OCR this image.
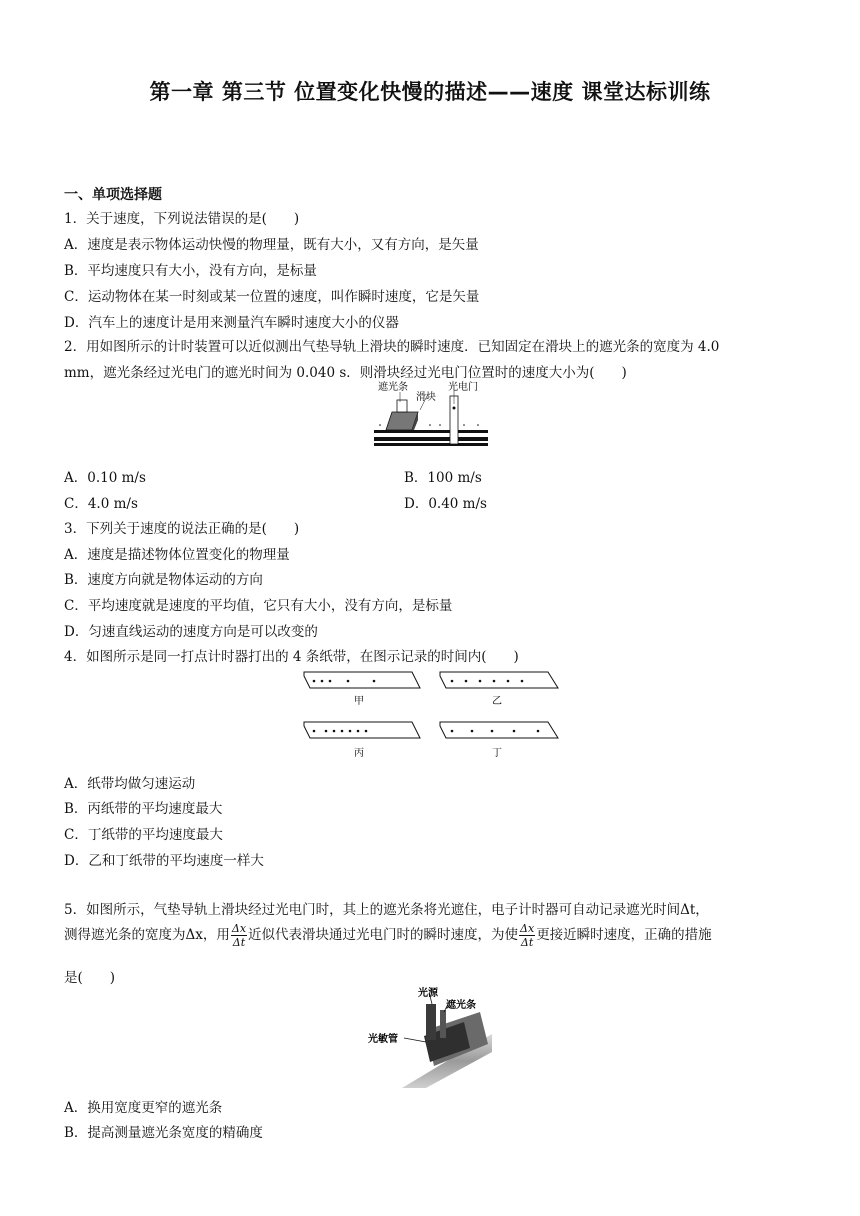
第一章 第三节 位置变化快慢的描述——速度 课堂达标训练
一、单项选择题
1．关于速度，下列说法错误的是(　　)
A．速度是表示物体运动快慢的物理量，既有大小，又有方向，是矢量
B．平均速度只有大小，没有方向，是标量
C．运动物体在某一时刻或某一位置的速度，叫作瞬时速度，它是矢量
D．汽车上的速度计是用来测量汽车瞬时速度大小的仪器
2．用如图所示的计时装置可以近似测出气垫导轨上滑块的瞬时速度．已知固定在滑块上的遮光条的宽度为 4.0
mm，遮光条经过光电门的遮光时间为 0.040 s．则滑块经过光电门位置时的速度大小为(　　)
遮光条
滑块
光电门
A．0.10 m/s	B．100 m/s
C．4.0 m/s	D．0.40 m/s
3．下列关于速度的说法正确的是(　　)
A．速度是描述物体位置变化的物理量
B．速度方向就是物体运动的方向
C．平均速度就是速度的平均值，它只有大小，没有方向，是标量
D．匀速直线运动的速度方向是可以改变的
4．如图所示是同一打点计时器打出的 4 条纸带，在图示记录的时间内(　　)
甲	乙
丙	丁
A．纸带均做匀速运动
B．丙纸带的平均速度最大
C．丁纸带的平均速度最大
D．乙和丁纸带的平均速度一样大
5．如图所示，气垫导轨上滑块经过光电门时，其上的遮光条将光遮住，电子计时器可自动记录遮光时间Δt，
测得遮光条的宽度为Δx，用 $\frac{\Delta x}{\Delta t}$ 近似代表滑块通过光电门时的瞬时速度，为使 $\frac{\Delta x}{\Delta t}$ 更接近瞬时速度，正确的措施
是(　　)
光源
遮光条
光敏管
A．换用宽度更窄的遮光条
B．提高测量遮光条宽度的精确度
